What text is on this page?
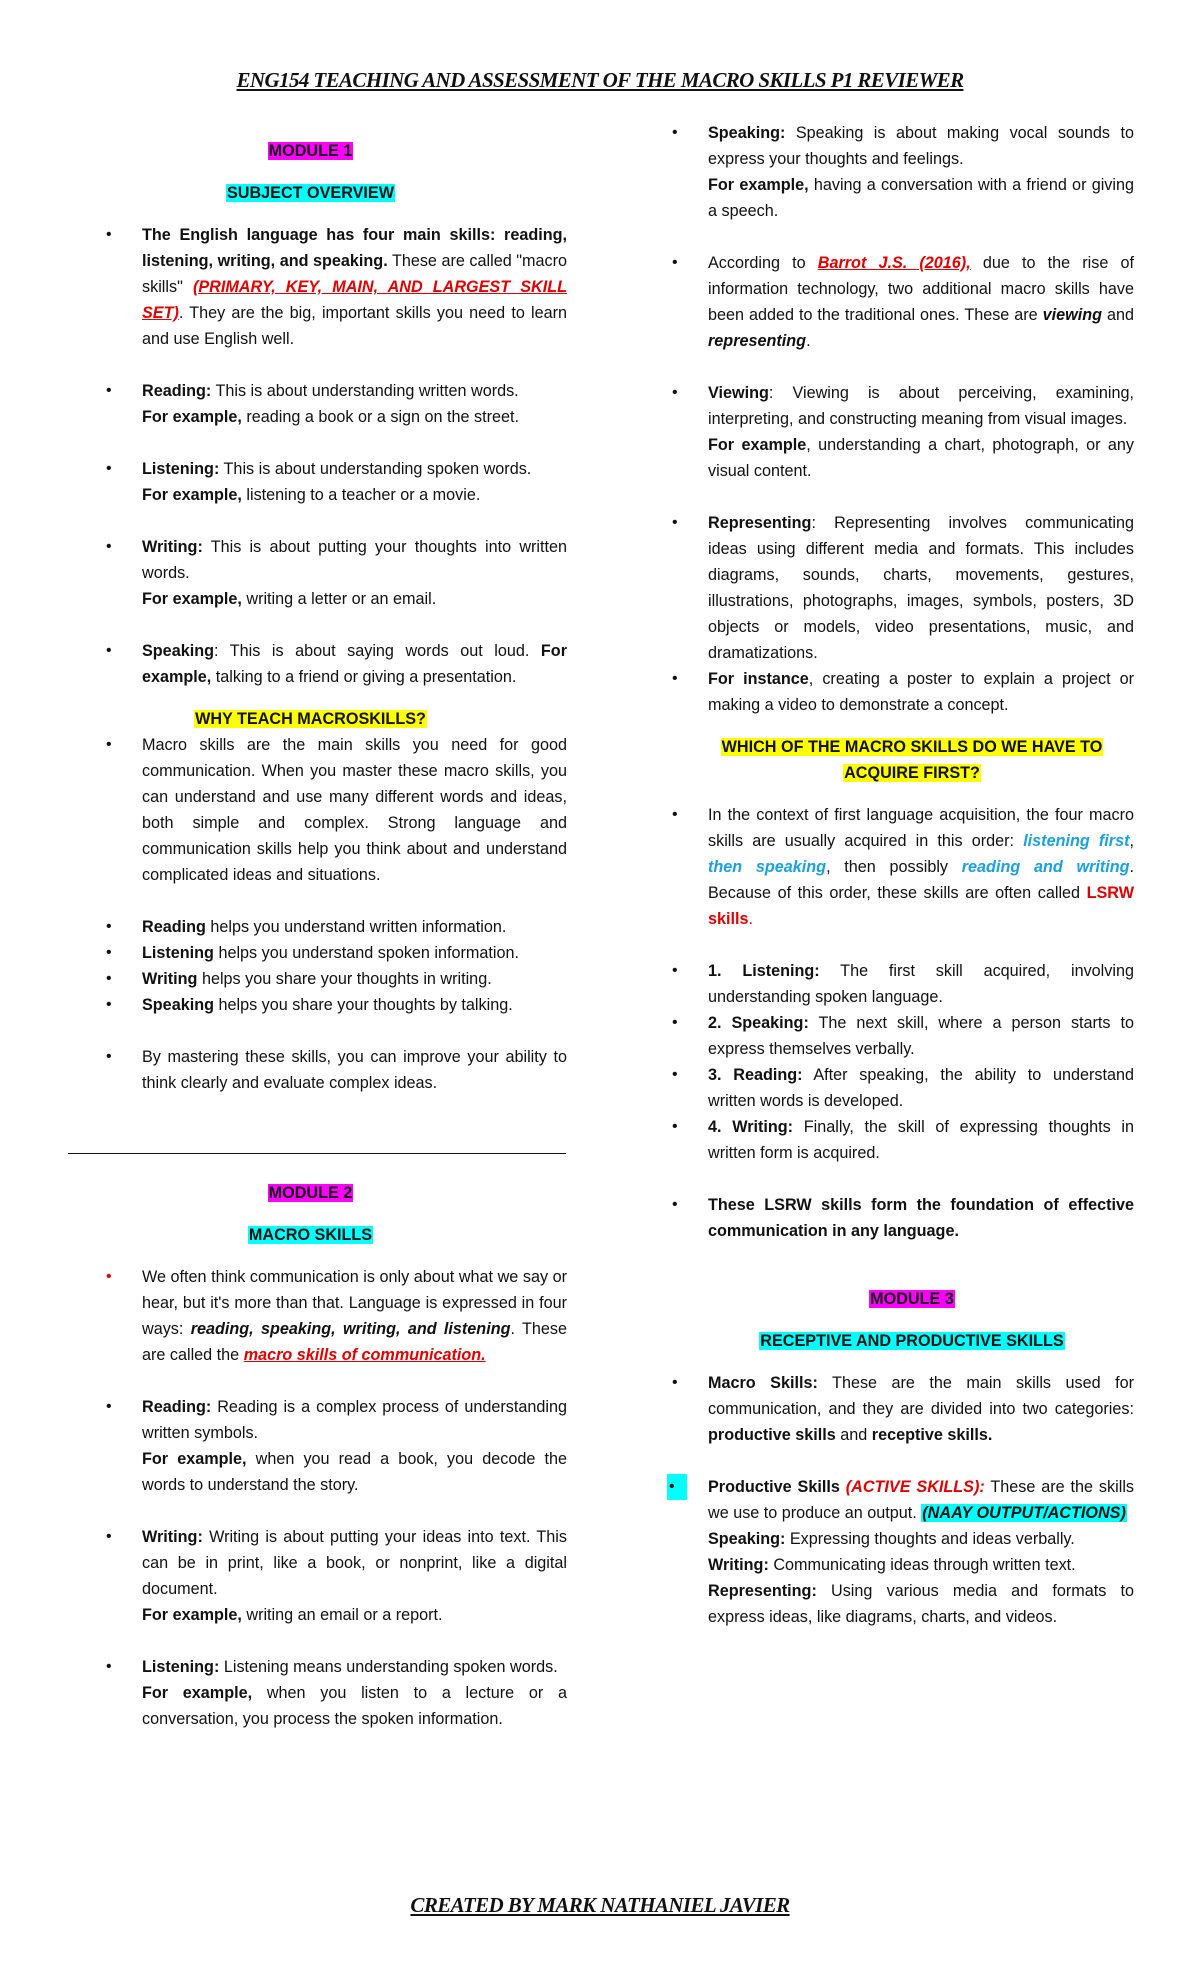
ENG154 TEACHING AND ASSESSMENT OF THE MACRO SKILLS P1 REVIEWER
MODULE 1
SUBJECT OVERVIEW
• The English language has four main skills: reading, listening, writing, and speaking. These are called "macro skills" (PRIMARY, KEY, MAIN, AND LARGEST SKILL SET). They are the big, important skills you need to learn and use English well.
• Reading: This is about understanding written words.
For example, reading a book or a sign on the street.
• Listening: This is about understanding spoken words.
For example, listening to a teacher or a movie.
• Writing: This is about putting your thoughts into written words.
For example, writing a letter or an email.
• Speaking: This is about saying words out loud. For example, talking to a friend or giving a presentation.
WHY TEACH MACROSKILLS?
• Macro skills are the main skills you need for good communication. When you master these macro skills, you can understand and use many different words and ideas, both simple and complex. Strong language and communication skills help you think about and understand complicated ideas and situations.
• Reading helps you understand written information.
• Listening helps you understand spoken information.
• Writing helps you share your thoughts in writing.
• Speaking helps you share your thoughts by talking.
• By mastering these skills, you can improve your ability to think clearly and evaluate complex ideas.
MODULE 2
MACRO SKILLS
• We often think communication is only about what we say or hear, but it's more than that. Language is expressed in four ways: reading, speaking, writing, and listening. These are called the macro skills of communication.
• Reading: Reading is a complex process of understanding written symbols.
For example, when you read a book, you decode the words to understand the story.
• Writing: Writing is about putting your ideas into text. This can be in print, like a book, or nonprint, like a digital document.
For example, writing an email or a report.
• Listening: Listening means understanding spoken words.
For example, when you listen to a lecture or a conversation, you process the spoken information.
• Speaking: Speaking is about making vocal sounds to express your thoughts and feelings.
For example, having a conversation with a friend or giving a speech.
• According to Barrot J.S. (2016), due to the rise of information technology, two additional macro skills have been added to the traditional ones. These are viewing and representing.
• Viewing: Viewing is about perceiving, examining, interpreting, and constructing meaning from visual images.
For example, understanding a chart, photograph, or any visual content.
• Representing: Representing involves communicating ideas using different media and formats. This includes diagrams, sounds, charts, movements, gestures, illustrations, photographs, images, symbols, posters, 3D objects or models, video presentations, music, and dramatizations.
• For instance, creating a poster to explain a project or making a video to demonstrate a concept.
WHICH OF THE MACRO SKILLS DO WE HAVE TO
ACQUIRE FIRST?
• In the context of first language acquisition, the four macro skills are usually acquired in this order: listening first, then speaking, then possibly reading and writing. Because of this order, these skills are often called LSRW skills.
• 1. Listening: The first skill acquired, involving understanding spoken language.
• 2. Speaking: The next skill, where a person starts to express themselves verbally.
• 3. Reading: After speaking, the ability to understand written words is developed.
• 4. Writing: Finally, the skill of expressing thoughts in written form is acquired.
• These LSRW skills form the foundation of effective communication in any language.
MODULE 3
RECEPTIVE AND PRODUCTIVE SKILLS
• Macro Skills: These are the main skills used for communication, and they are divided into two categories: productive skills and receptive skills.
• Productive Skills (ACTIVE SKILLS): These are the skills we use to produce an output. (NAAY OUTPUT/ACTIONS)
Speaking: Expressing thoughts and ideas verbally.
Writing: Communicating ideas through written text.
Representing: Using various media and formats to express ideas, like diagrams, charts, and videos.
CREATED BY MARK NATHANIEL JAVIER
